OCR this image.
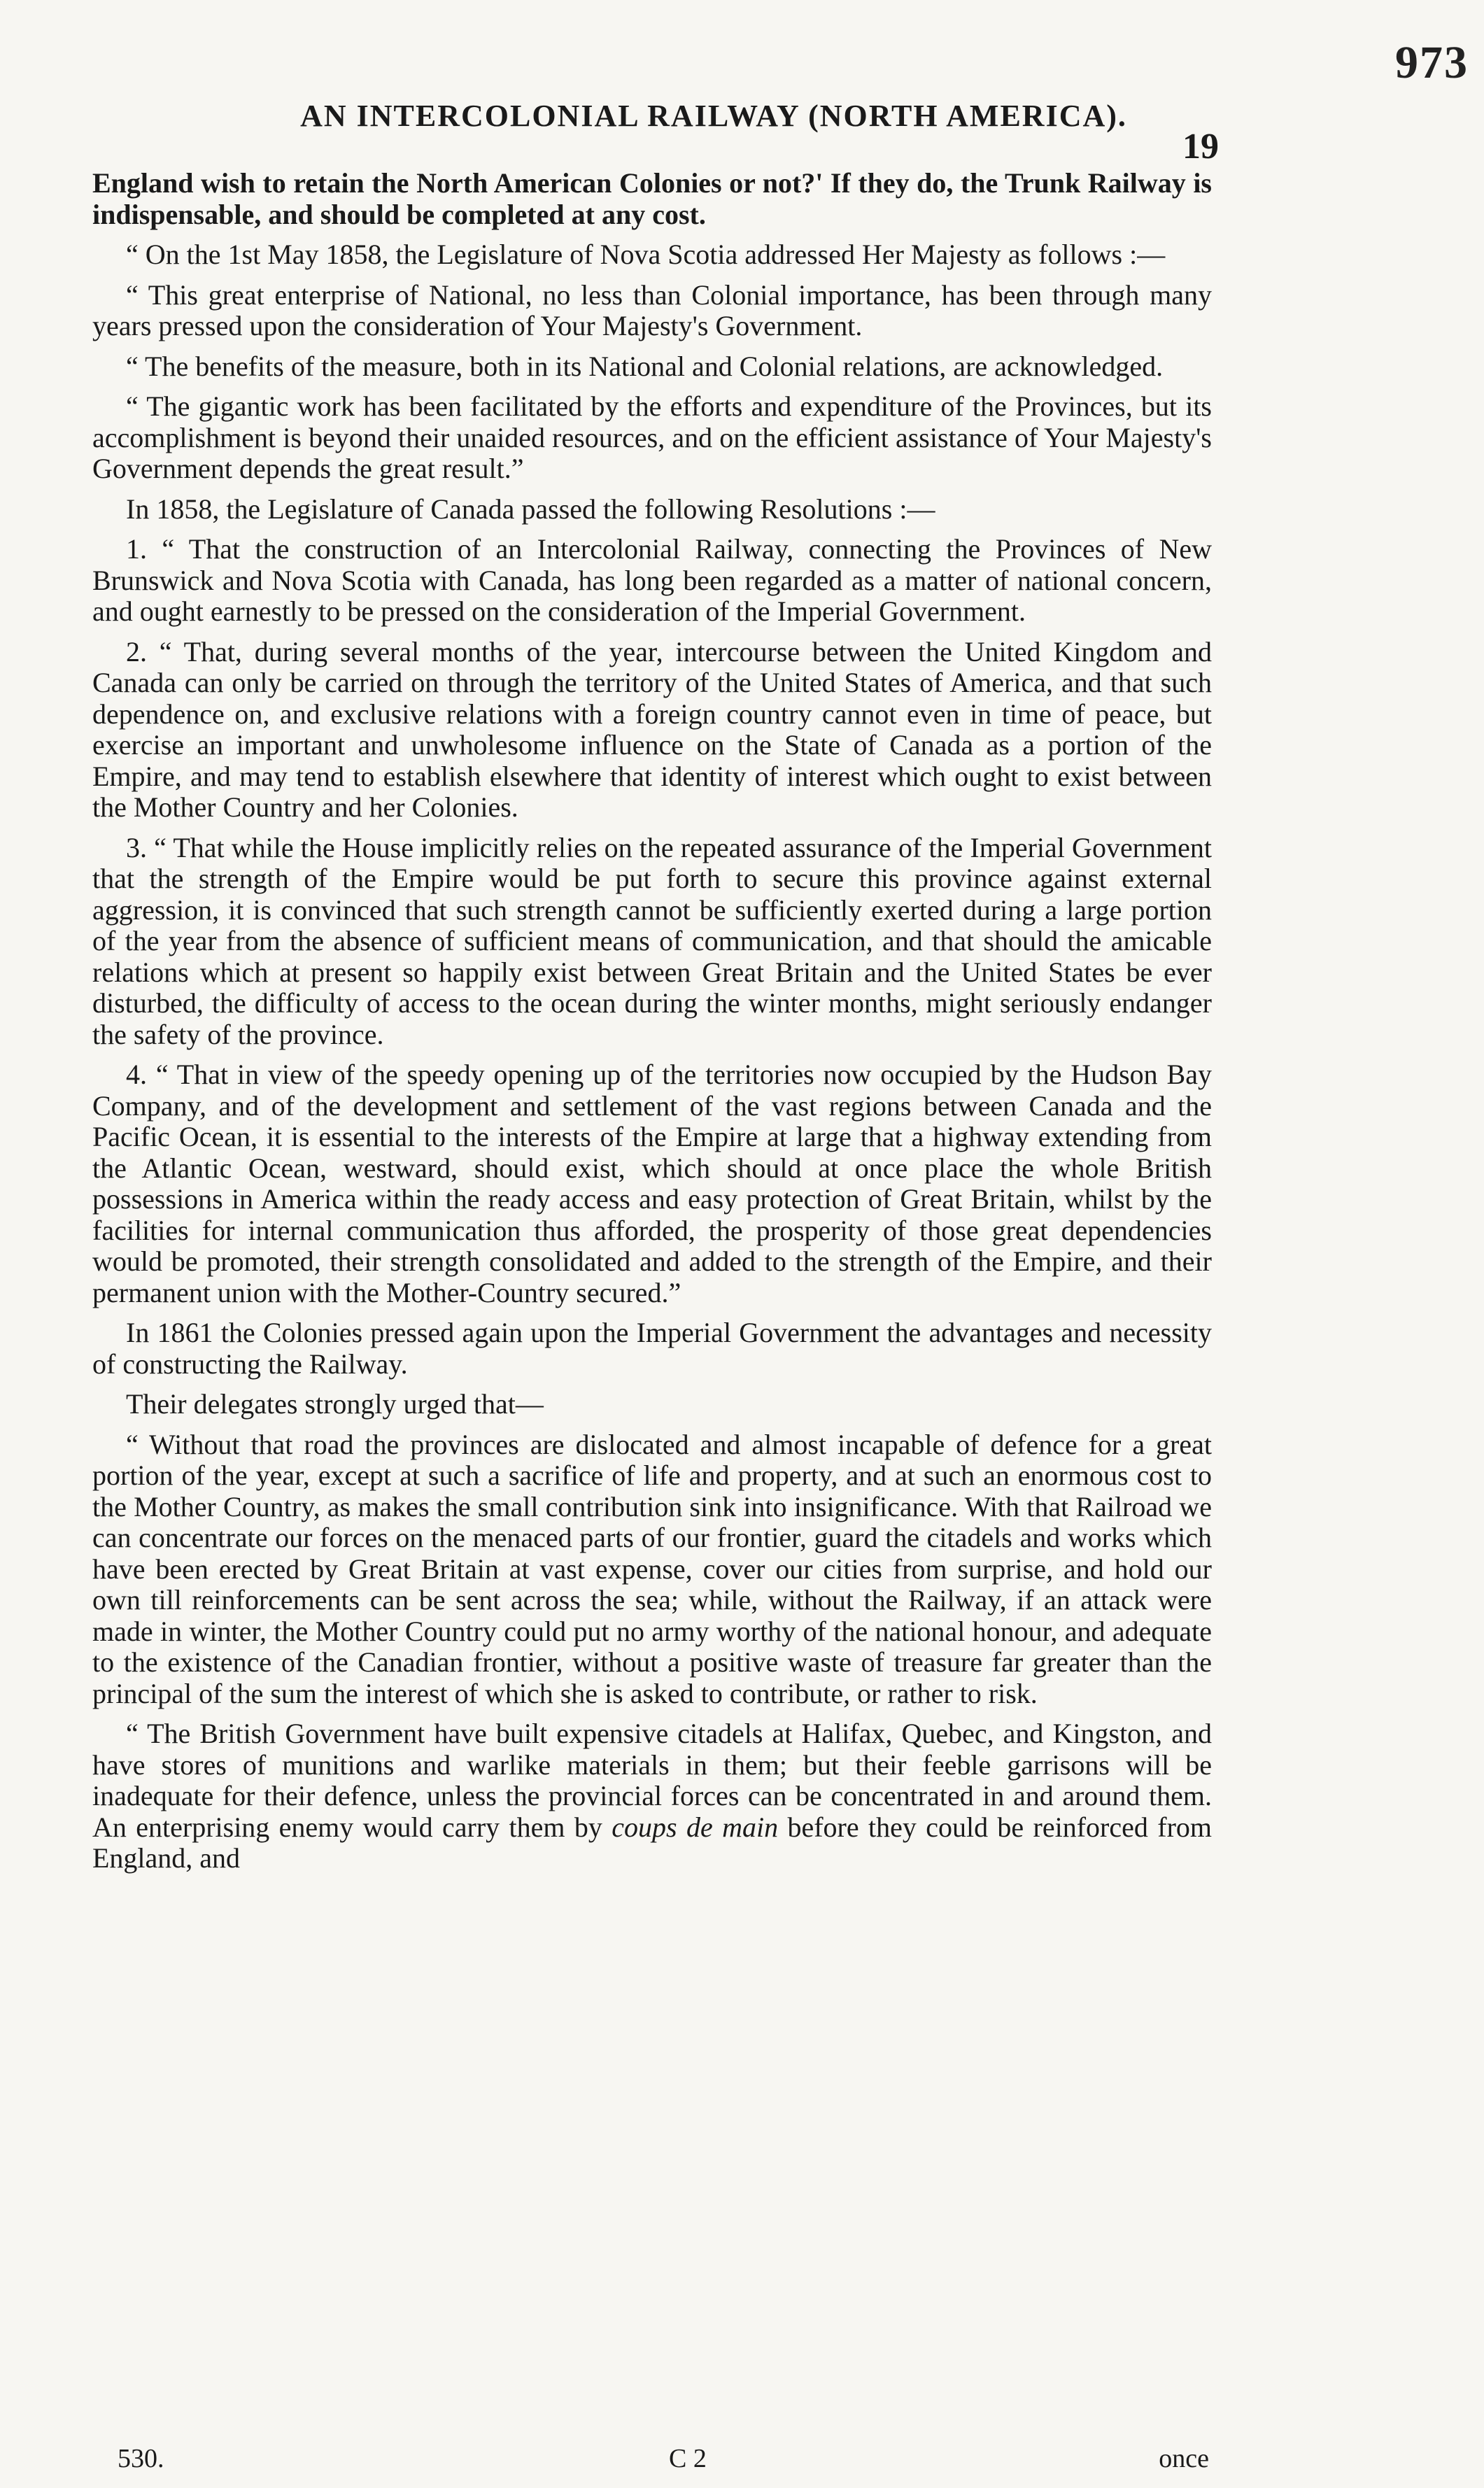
973
AN INTERCOLONIAL RAILWAY (NORTH AMERICA).
19

England wish to retain the North American Colonies or not?' If they do, the Trunk Railway is indispensable, and should be completed at any cost.

“ On the 1st May 1858, the Legislature of Nova Scotia addressed Her Majesty as follows :—

“ This great enterprise of National, no less than Colonial importance, has been through many years pressed upon the consideration of Your Majesty's Government.

“ The benefits of the measure, both in its National and Colonial relations, are acknowledged.

“ The gigantic work has been facilitated by the efforts and expenditure of the Provinces, but its accomplishment is beyond their unaided resources, and on the efficient assistance of Your Majesty's Government depends the great result.”

In 1858, the Legislature of Canada passed the following Resolutions :—

1. “ That the construction of an Intercolonial Railway, connecting the Provinces of New Brunswick and Nova Scotia with Canada, has long been regarded as a matter of national concern, and ought earnestly to be pressed on the consideration of the Imperial Government.

2. “ That, during several months of the year, intercourse between the United Kingdom and Canada can only be carried on through the territory of the United States of America, and that such dependence on, and exclusive relations with a foreign country cannot even in time of peace, but exercise an important and unwholesome influence on the State of Canada as a portion of the Empire, and may tend to establish elsewhere that identity of interest which ought to exist between the Mother Country and her Colonies.

3. “ That while the House implicitly relies on the repeated assurance of the Imperial Government that the strength of the Empire would be put forth to secure this province against external aggression, it is convinced that such strength cannot be sufficiently exerted during a large portion of the year from the absence of sufficient means of communication, and that should the amicable relations which at present so happily exist between Great Britain and the United States be ever disturbed, the difficulty of access to the ocean during the winter months, might seriously endanger the safety of the province.

4. “ That in view of the speedy opening up of the territories now occupied by the Hudson Bay Company, and of the development and settlement of the vast regions between Canada and the Pacific Ocean, it is essential to the interests of the Empire at large that a highway extending from the Atlantic Ocean, westward, should exist, which should at once place the whole British possessions in America within the ready access and easy protection of Great Britain, whilst by the facilities for internal communication thus afforded, the prosperity of those great dependencies would be promoted, their strength consolidated and added to the strength of the Empire, and their permanent union with the Mother-Country secured.”

In 1861 the Colonies pressed again upon the Imperial Government the advantages and necessity of constructing the Railway.

Their delegates strongly urged that—

“ Without that road the provinces are dislocated and almost incapable of defence for a great portion of the year, except at such a sacrifice of life and property, and at such an enormous cost to the Mother Country, as makes the small contribution sink into insignificance. With that Railroad we can concentrate our forces on the menaced parts of our frontier, guard the citadels and works which have been erected by Great Britain at vast expense, cover our cities from surprise, and hold our own till reinforcements can be sent across the sea; while, without the Railway, if an attack were made in winter, the Mother Country could put no army worthy of the national honour, and adequate to the existence of the Canadian frontier, without a positive waste of treasure far greater than the principal of the sum the interest of which she is asked to contribute, or rather to risk.

“ The British Government have built expensive citadels at Halifax, Quebec, and Kingston, and have stores of munitions and warlike materials in them; but their feeble garrisons will be inadequate for their defence, unless the provincial forces can be concentrated in and around them. An enterprising enemy would carry them by coups de main before they could be reinforced from England, and

530.	C 2	once
